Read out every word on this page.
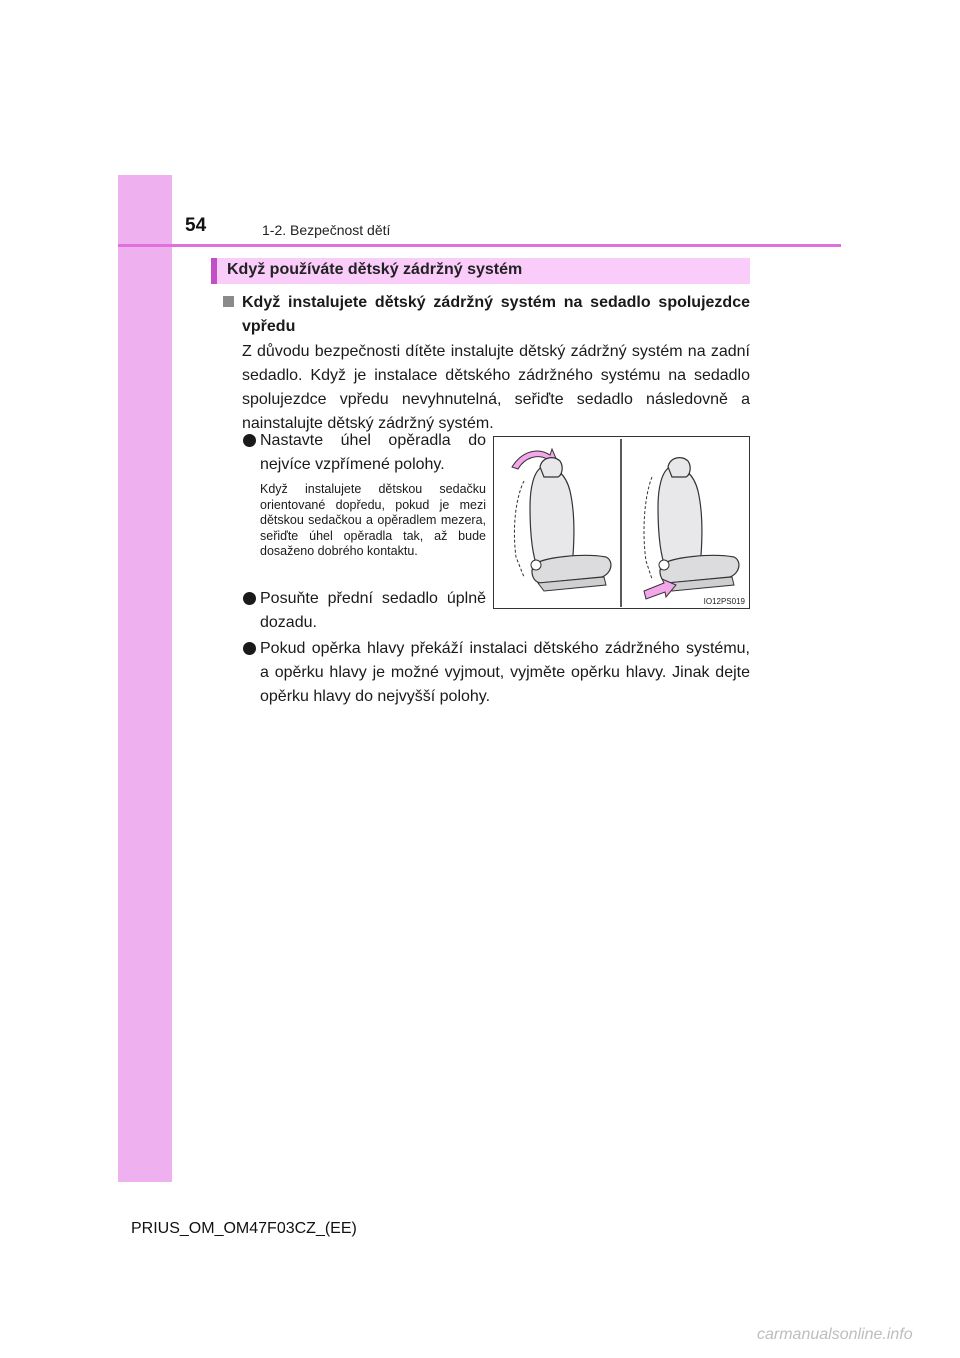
54	1-2. Bezpečnost dětí
Když používáte dětský zádržný systém
Když instalujete dětský zádržný systém na sedadlo spolujezdce vpředu
Z důvodu bezpečnosti dítěte instalujte dětský zádržný systém na zadní sedadlo. Když je instalace dětského zádržného systému na sedadlo spolujezdce vpředu nevyhnutelná, seřiďte sedadlo následovně a nainstalujte dětský zádržný systém.
Nastavte úhel opěradla do nejvíce vzpřímené polohy.
Když instalujete dětskou sedačku orientované dopředu, pokud je mezi dětskou sedačkou a opěradlem mezera, seřiďte úhel opěradla tak, až bude dosaženo dobrého kontaktu.
Posuňte přední sedadlo úplně dozadu.
Pokud opěrka hlavy překáží instalaci dětského zádržného systému, a opěrku hlavy je možné vyjmout, vyjměte opěrku hlavy. Jinak dejte opěrku hlavy do nejvyšší polohy.
IO12PS019
PRIUS_OM_OM47F03CZ_(EE)
carmanualsonline.info
